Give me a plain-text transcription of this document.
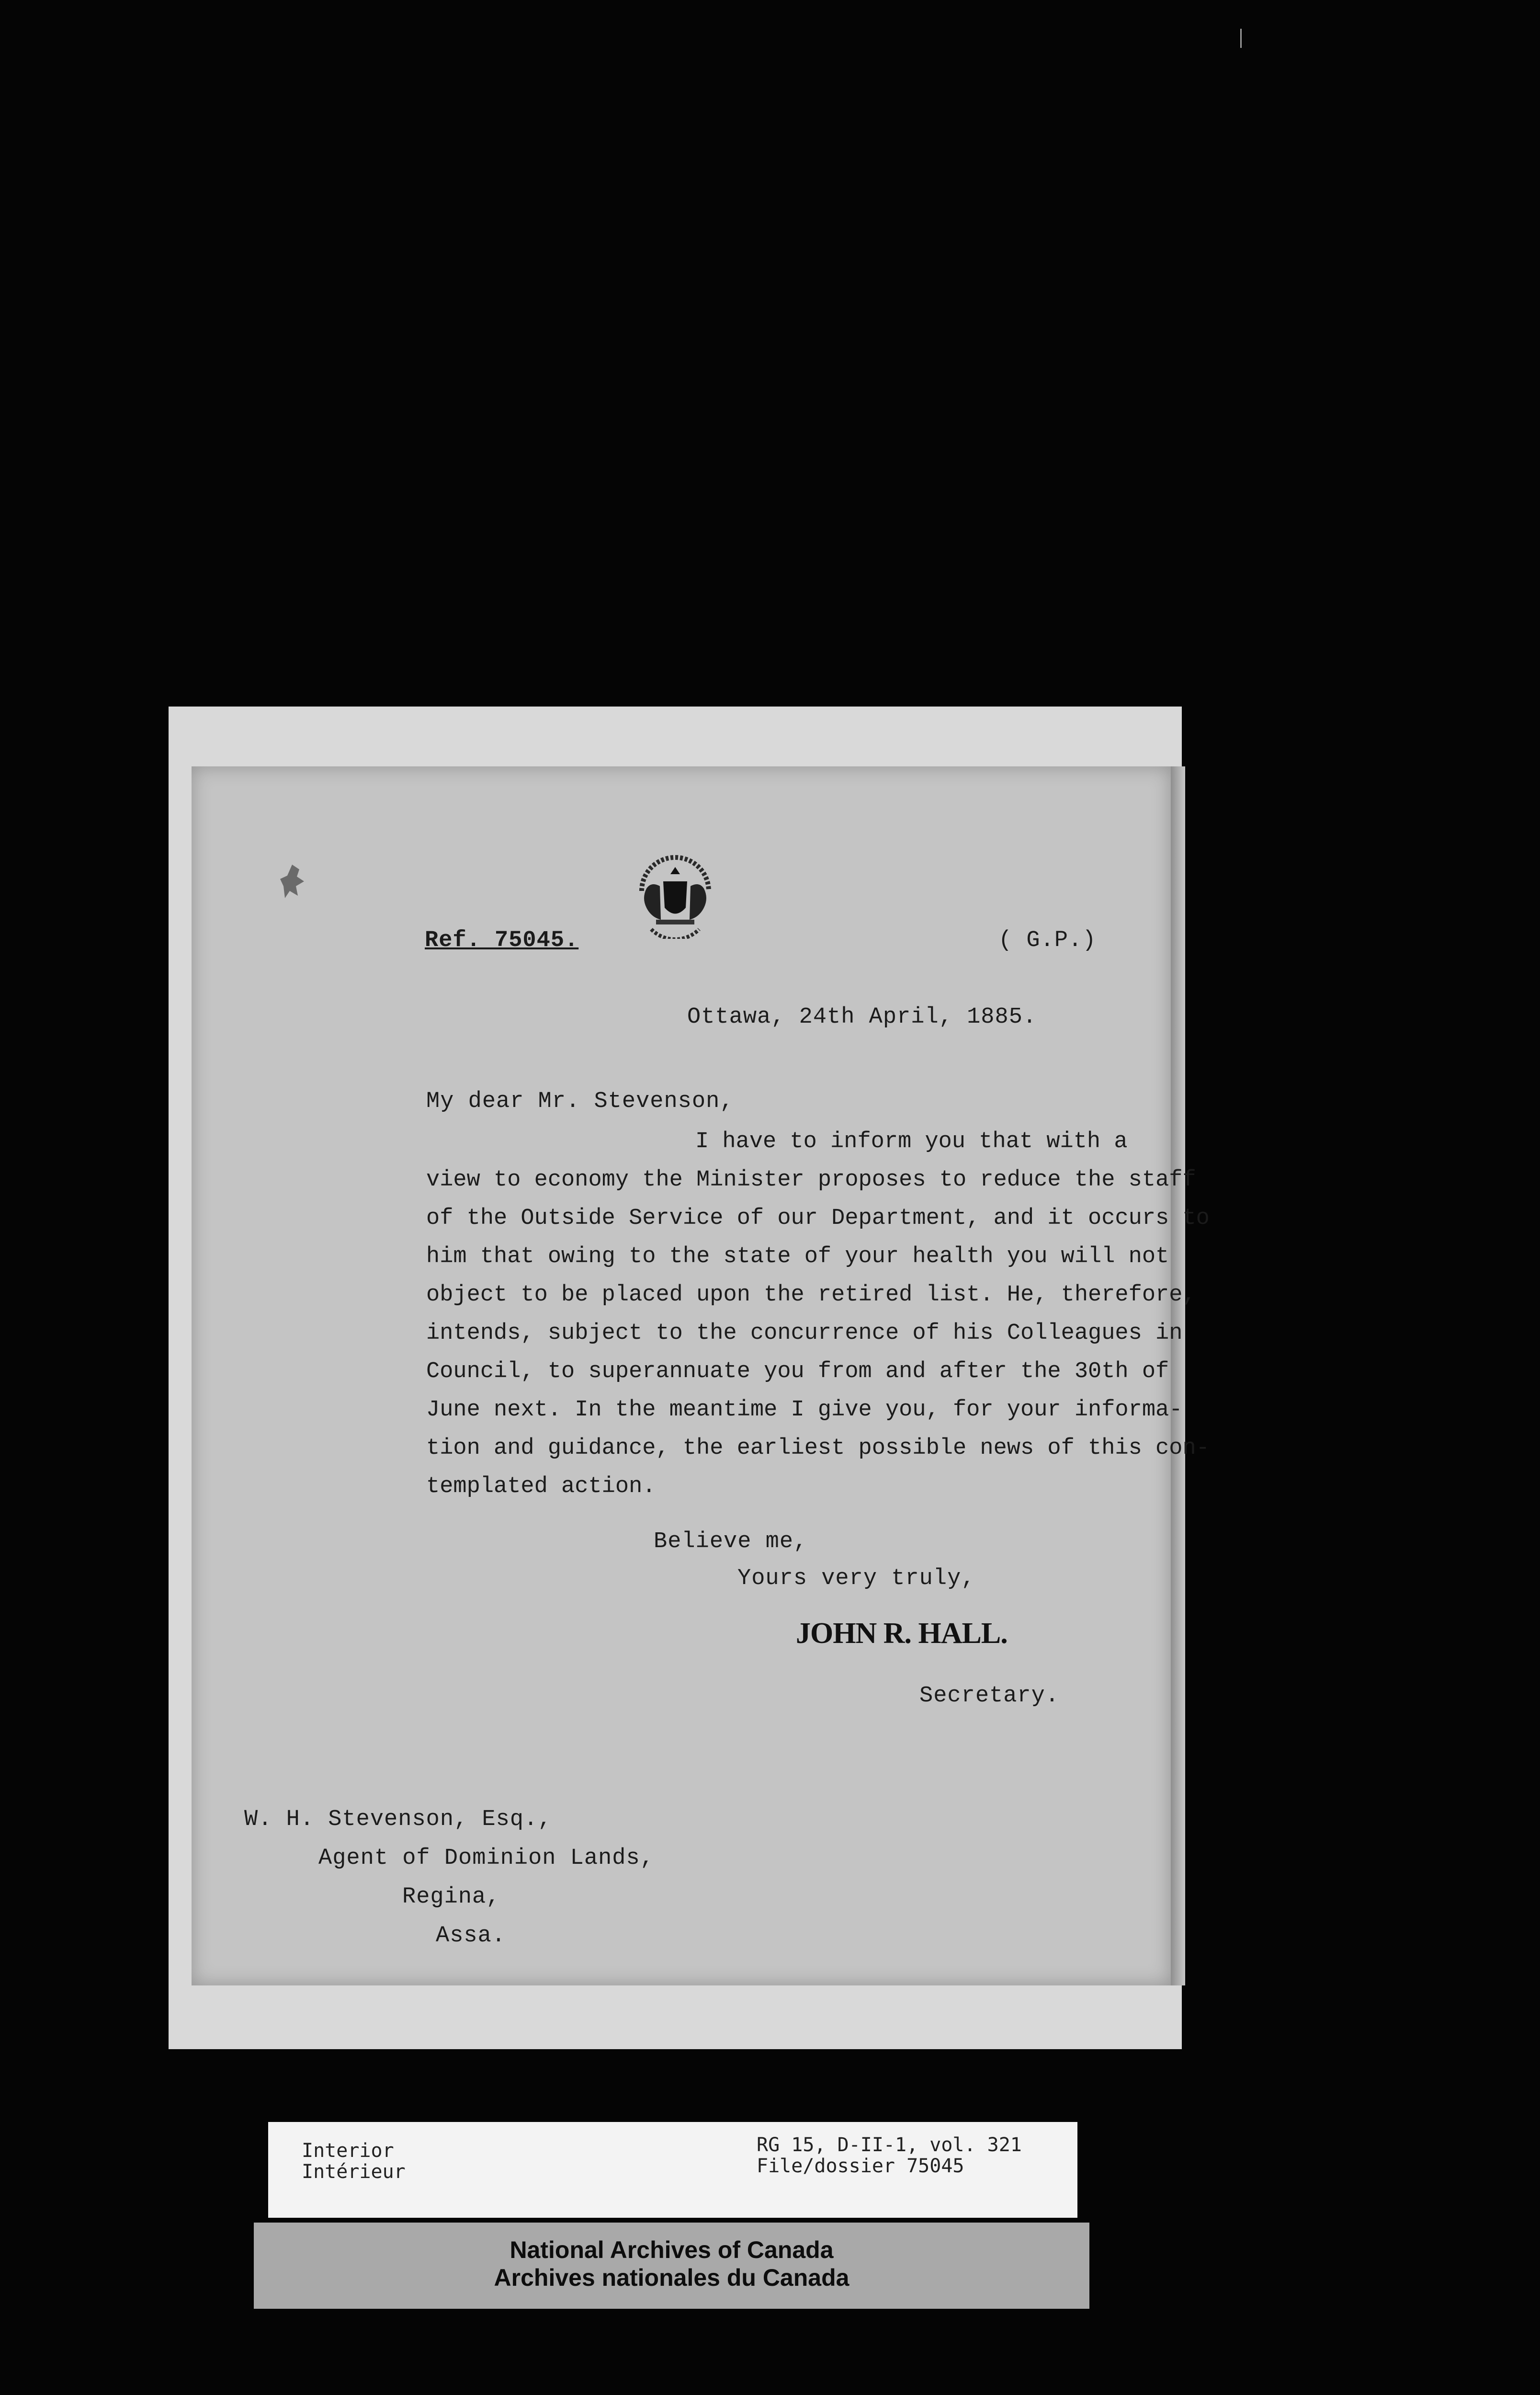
Ref. 75045.	( G.P.)
Ottawa, 24th April, 1885.
My dear Mr. Stevenson,
I have to inform you that with a
view to economy the Minister proposes to reduce the staff
of the Outside Service of our Department, and it occurs to
him that owing to the state of your health you will not
object to be placed upon the retired list. He, therefore,
intends, subject to the concurrence of his Colleagues in
Council, to superannuate you from and after the 30th of
June next. In the meantime I give you, for your informa-
tion and guidance, the earliest possible news of this con-
templated action.
Believe me,
Yours very truly,
JOHN R. HALL.
Secretary.
W. H. Stevenson, Esq.,
Agent of Dominion Lands,
Regina,
Assa.
Interior
Intérieur
RG 15, D-II-1, vol. 321
File/dossier 75045
National Archives of Canada
Archives nationales du Canada
